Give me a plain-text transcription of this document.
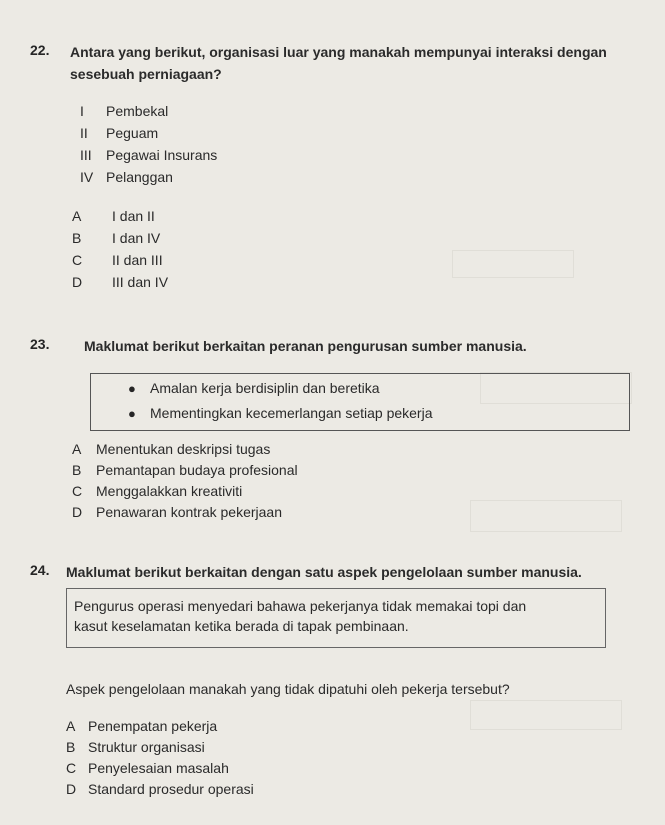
22. Antara yang berikut, organisasi luar yang manakah mempunyai interaksi dengan
sesebuah perniagaan?
I Pembekal
II Peguam
III Pegawai Insurans
IV Pelanggan
A I dan II
B I dan IV
C II dan III
D III dan IV
23. Maklumat berikut berkaitan peranan pengurusan sumber manusia.
● Amalan kerja berdisiplin dan beretika
● Mementingkan kecemerlangan setiap pekerja
A Menentukan deskripsi tugas
B Pemantapan budaya profesional
C Menggalakkan kreativiti
D Penawaran kontrak pekerjaan
24. Maklumat berikut berkaitan dengan satu aspek pengelolaan sumber manusia.
Pengurus operasi menyedari bahawa pekerjanya tidak memakai topi dan
kasut keselamatan ketika berada di tapak pembinaan.
Aspek pengelolaan manakah yang tidak dipatuhi oleh pekerja tersebut?
A Penempatan pekerja
B Struktur organisasi
C Penyelesaian masalah
D Standard prosedur operasi
